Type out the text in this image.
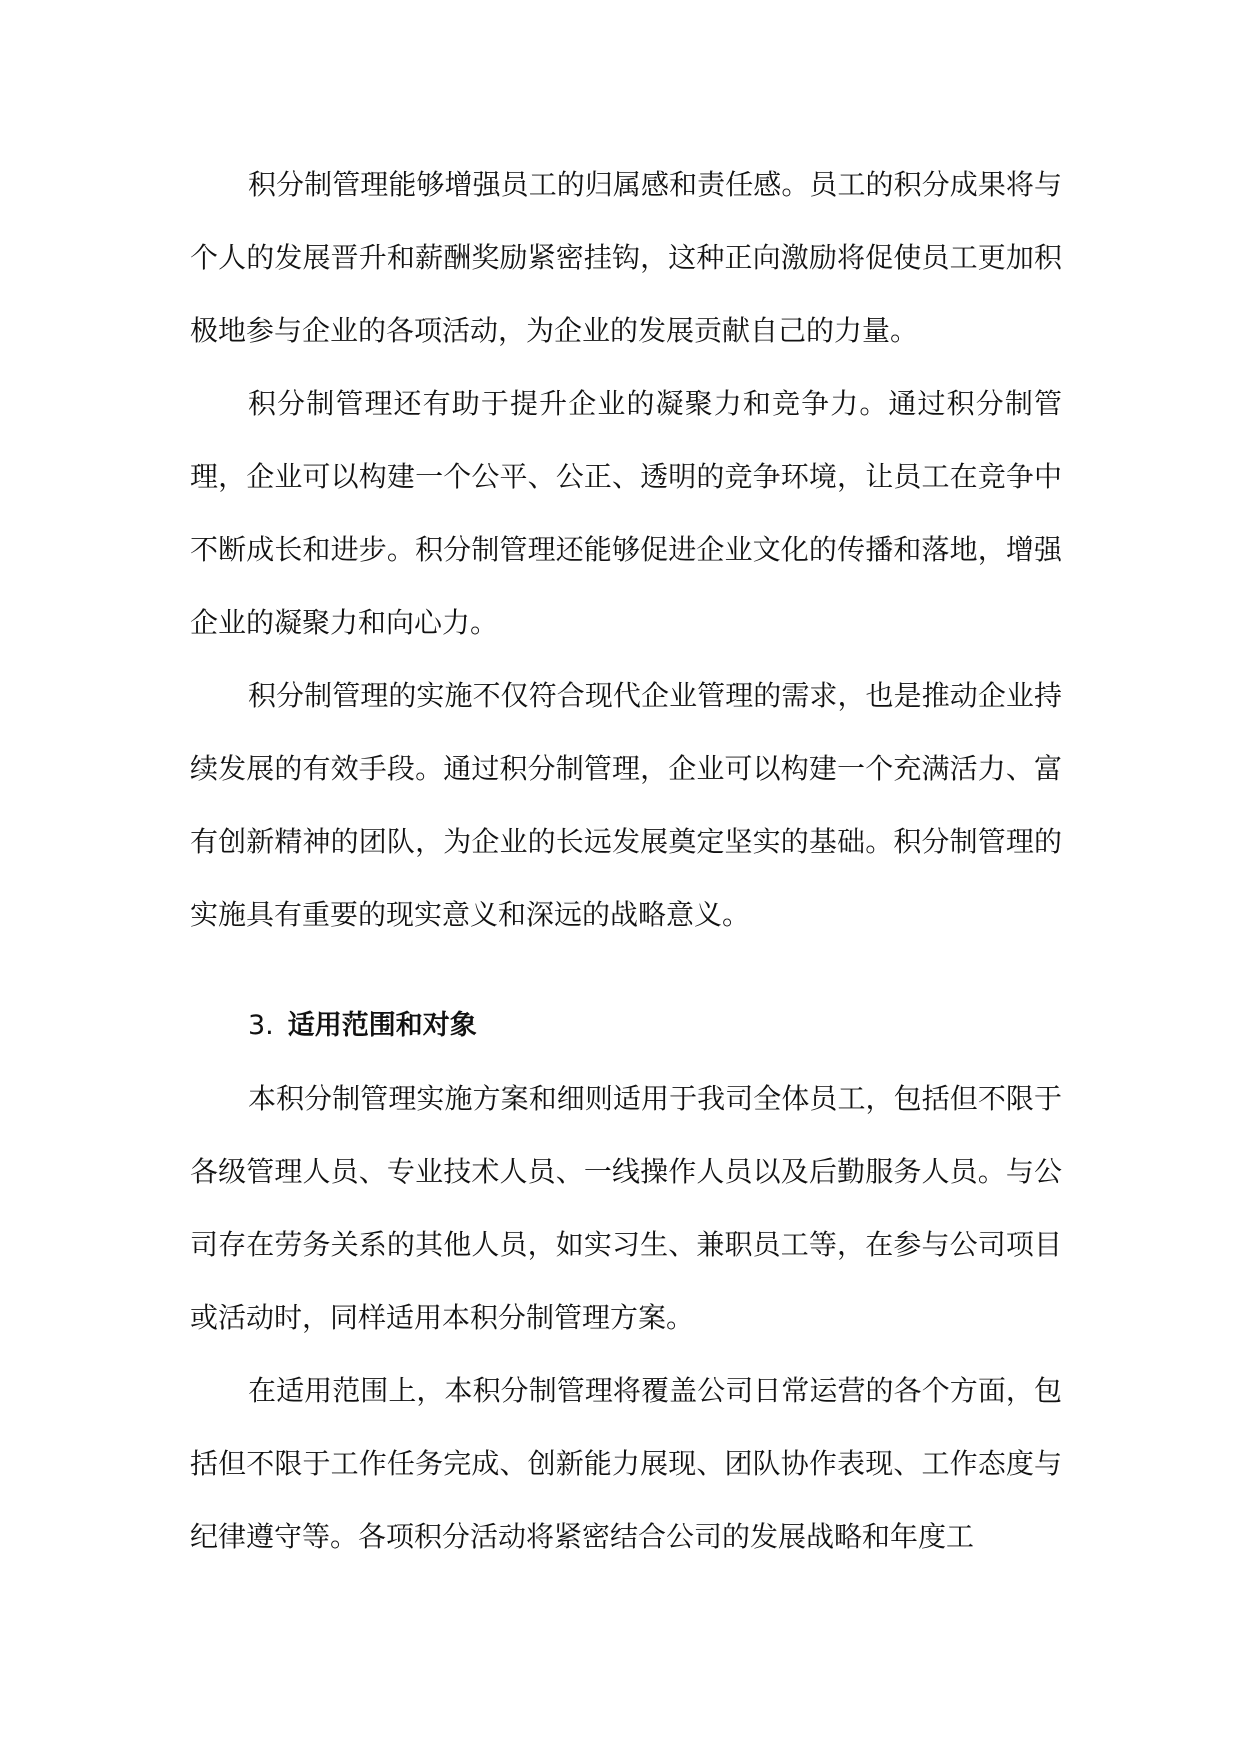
积分制管理能够增强员工的归属感和责任感。员工的积分成果将与个人的发展晋升和薪酬奖励紧密挂钩，这种正向激励将促使员工更加积极地参与企业的各项活动，为企业的发展贡献自己的力量。

积分制管理还有助于提升企业的凝聚力和竞争力。通过积分制管理，企业可以构建一个公平、公正、透明的竞争环境，让员工在竞争中不断成长和进步。积分制管理还能够促进企业文化的传播和落地，增强企业的凝聚力和向心力。

积分制管理的实施不仅符合现代企业管理的需求，也是推动企业持续发展的有效手段。通过积分制管理，企业可以构建一个充满活力、富有创新精神的团队，为企业的长远发展奠定坚实的基础。积分制管理的实施具有重要的现实意义和深远的战略意义。

3. 适用范围和对象

本积分制管理实施方案和细则适用于我司全体员工，包括但不限于各级管理人员、专业技术人员、一线操作人员以及后勤服务人员。与公司存在劳务关系的其他人员，如实习生、兼职员工等，在参与公司项目或活动时，同样适用本积分制管理方案。

在适用范围上，本积分制管理将覆盖公司日常运营的各个方面，包括但不限于工作任务完成、创新能力展现、团队协作表现、工作态度与纪律遵守等。各项积分活动将紧密结合公司的发展战略和年度工
